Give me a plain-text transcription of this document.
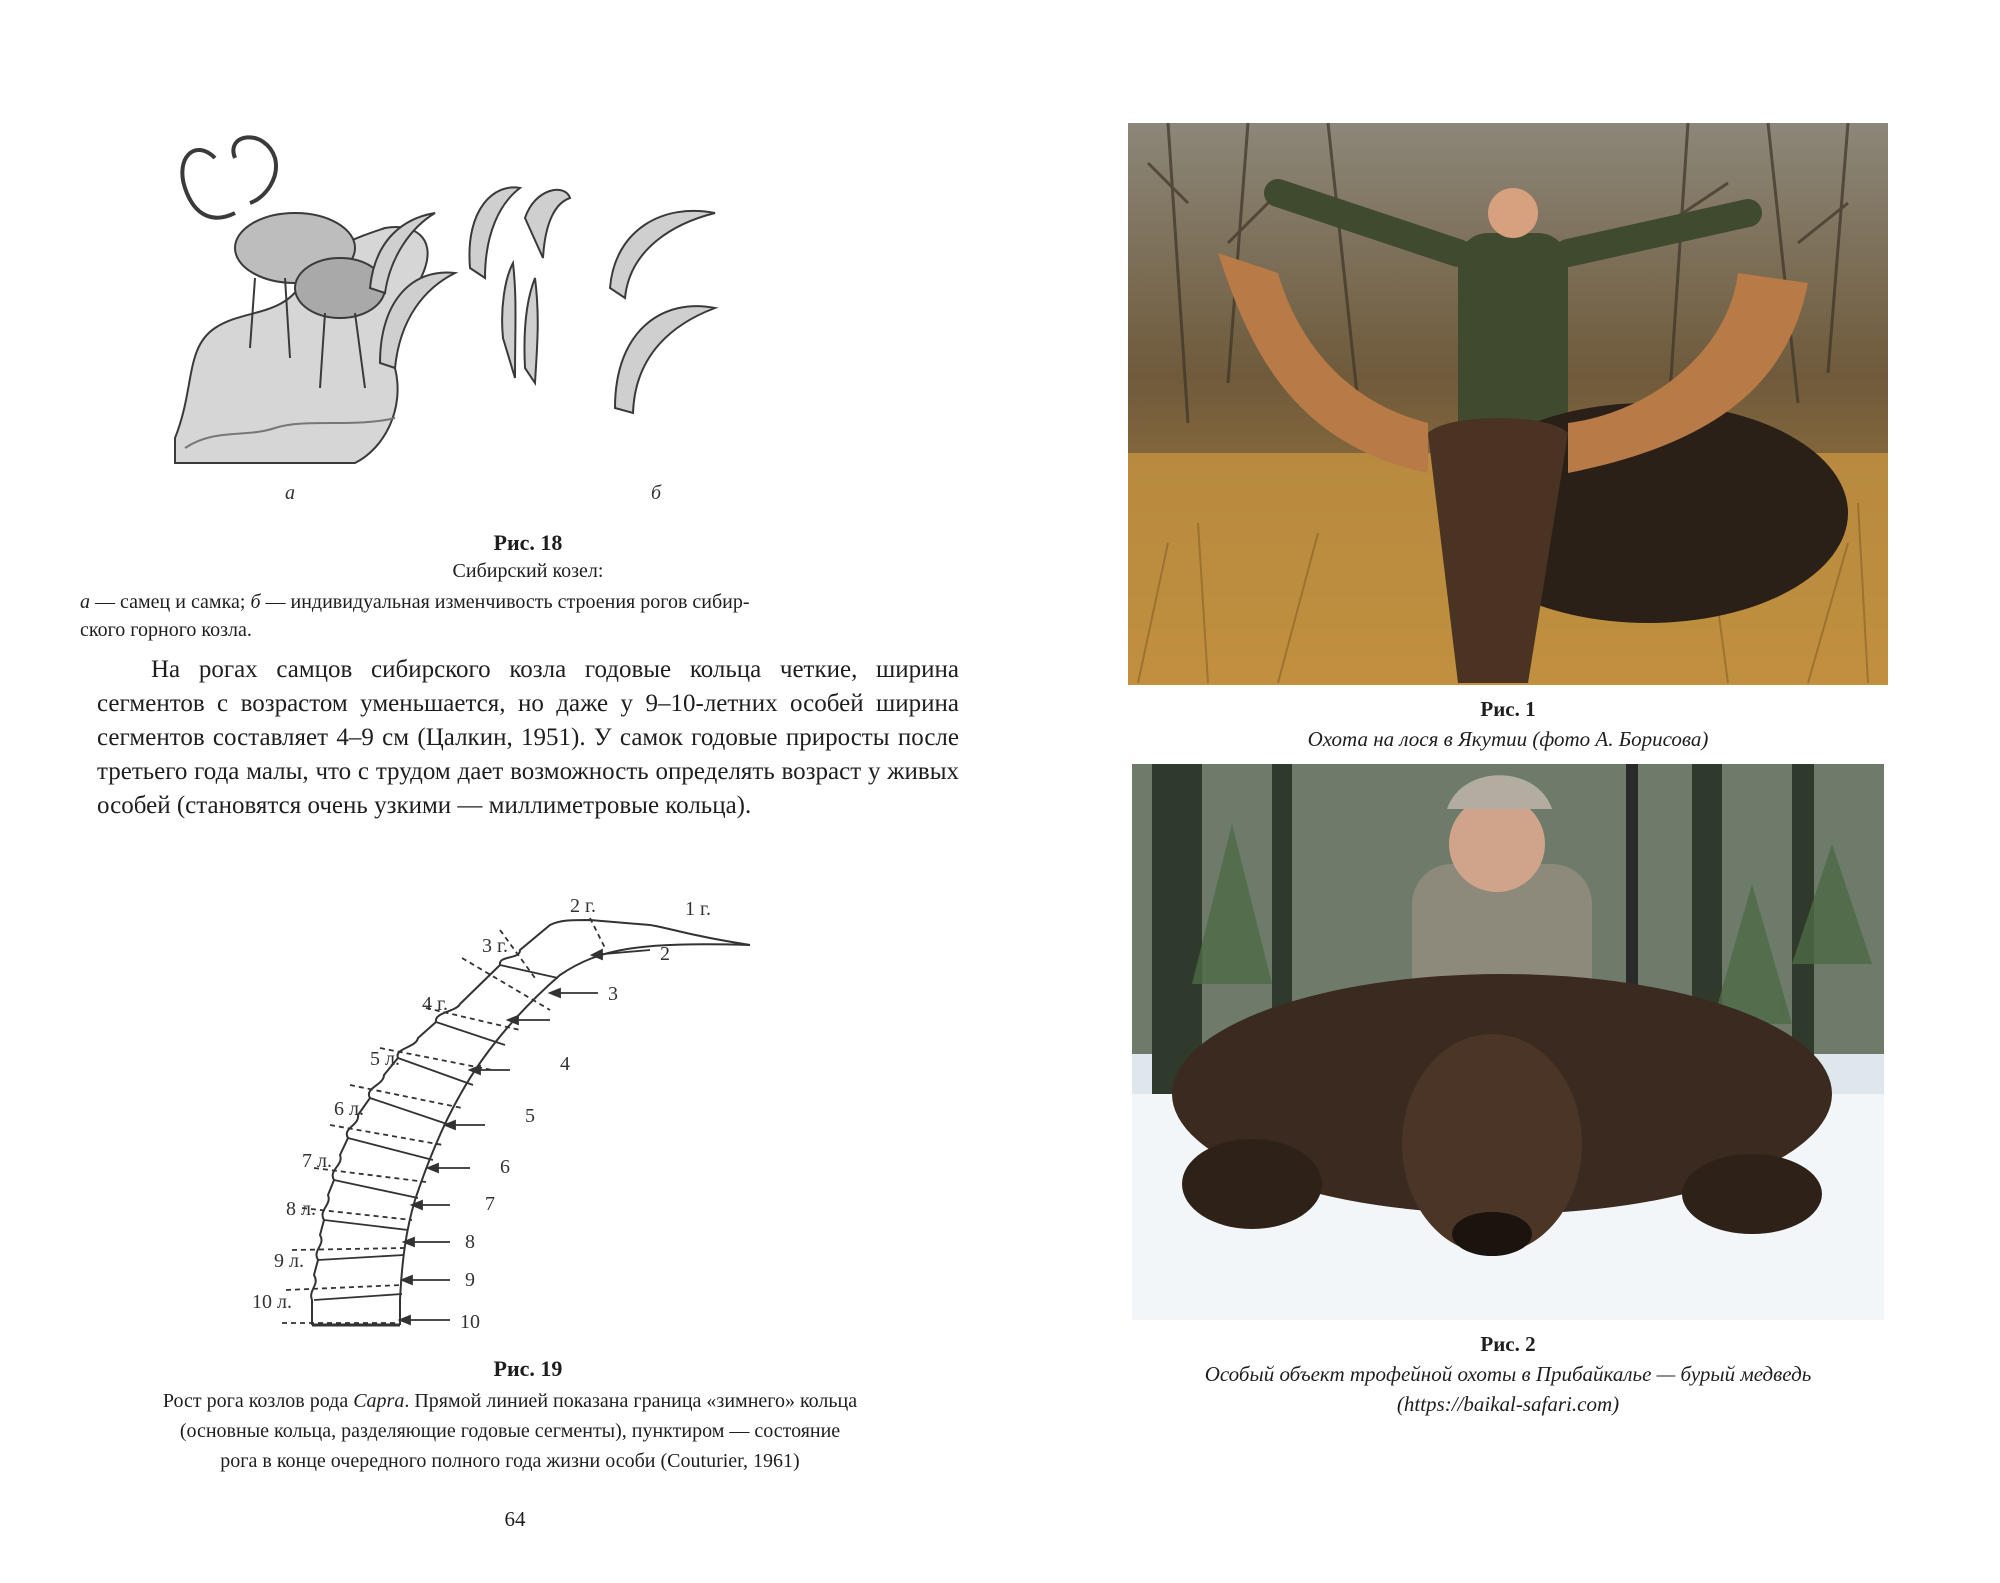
а	б
Рис. 18
Сибирский козел:
а — самец и самка; б — индивидуальная изменчивость строения рогов сибир-
ского горного козла.
На рогах самцов сибирского козла годовые кольца четкие, ширина сегментов с возрастом уменьшается, но даже у 9–10-летних особей ширина сегментов составляет 4–9 см (Цалкин, 1951). У самок годовые приросты после третьего года малы, что с трудом дает возможность определять возраст у живых особей (становятся очень узкими — миллиметровые кольца).
1 г.
2 г.
3 г.
4 г.
5 л.
6 л.
7 л.
8 л.
9 л.
10 л.
2
3
4
5
6
7
8
9
10
Рис. 19
Рост рога козлов рода Capra. Прямой линией показана граница «зимнего» кольца
(основные кольца, разделяющие годовые сегменты), пунктиром — состояние
рога в конце очередного полного года жизни особи (Couturier, 1961)
64
Рис. 1
Охота на лося в Якутии (фото А. Борисова)
Рис. 2
Особый объект трофейной охоты в Прибайкалье — бурый медведь
(https://baikal-safari.com)
